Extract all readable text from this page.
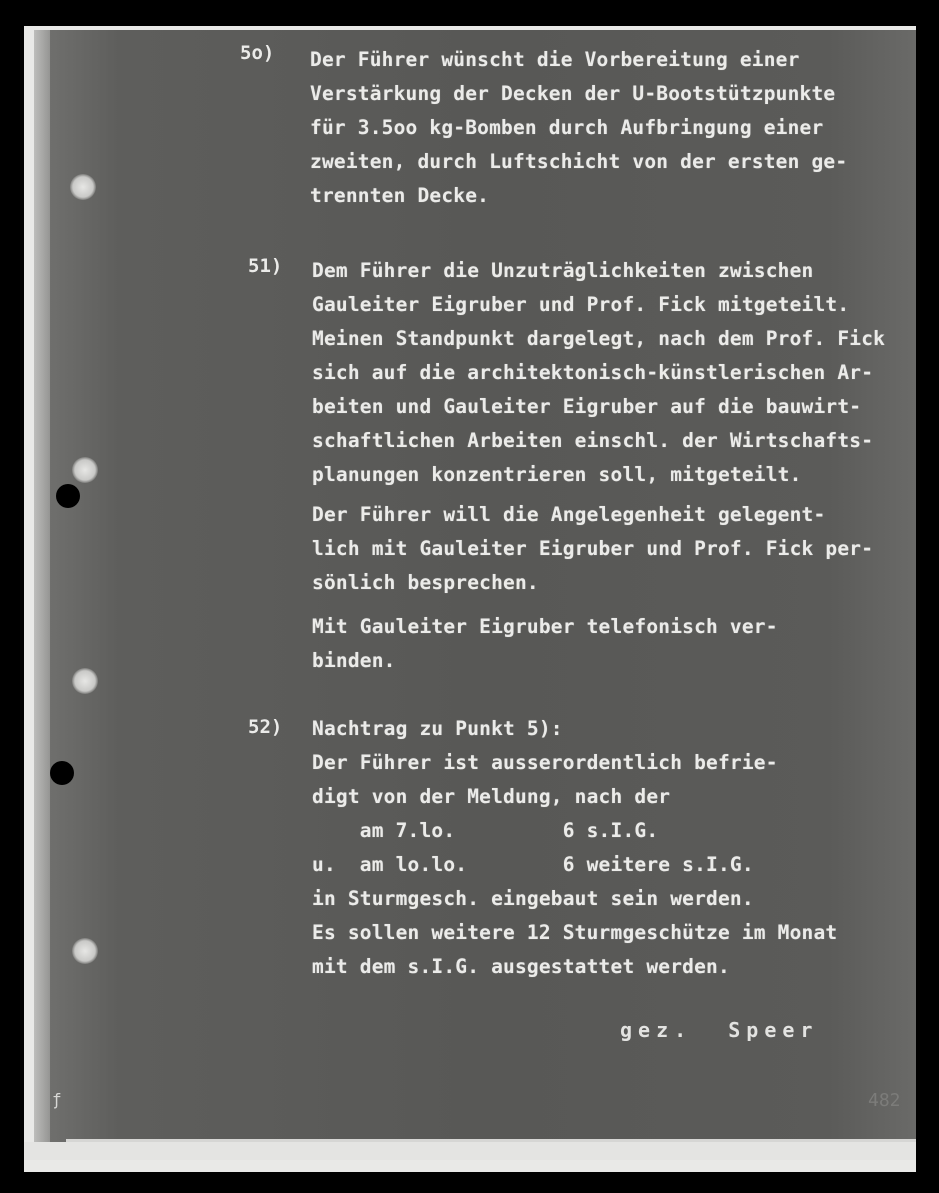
5o) Der Führer wünscht die Vorbereitung einer
Verstärkung der Decken der U-Bootstützpunkte
für 3.5oo kg-Bomben durch Aufbringung einer
zweiten, durch Luftschicht von der ersten ge-
trennten Decke.
51) Dem Führer die Unzuträglichkeiten zwischen
Gauleiter Eigruber und Prof. Fick mitgeteilt.
Meinen Standpunkt dargelegt, nach dem Prof. Fick
sich auf die architektonisch-künstlerischen Ar-
beiten und Gauleiter Eigruber auf die bauwirt-
schaftlichen Arbeiten einschl. der Wirtschafts-
planungen konzentrieren soll, mitgeteilt.
Der Führer will die Angelegenheit gelegent-
lich mit Gauleiter Eigruber und Prof. Fick per-
sönlich besprechen.
Mit Gauleiter Eigruber telefonisch ver-
binden.
52) Nachtrag zu Punkt 5):
Der Führer ist ausserordentlich befrie-
digt von der Meldung, nach der
am 7.lo.         6 s.I.G.
u.  am lo.lo.        6 weitere s.I.G.
in Sturmgesch. eingebaut sein werden.
Es sollen weitere 12 Sturmgeschütze im Monat
mit dem s.I.G. ausgestattet werden.
gez.  Speer
482
ƒ
